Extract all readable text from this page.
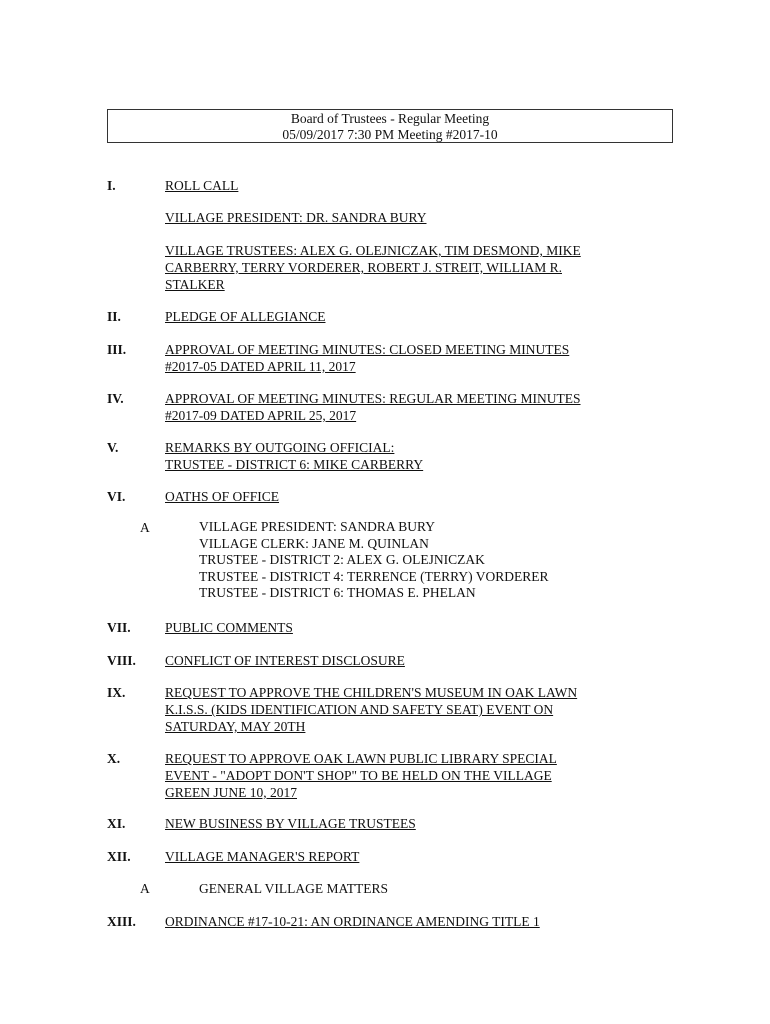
Board of Trustees - Regular Meeting
05/09/2017 7:30 PM Meeting #2017-10
I.	ROLL CALL
VILLAGE PRESIDENT: DR. SANDRA BURY
VILLAGE TRUSTEES: ALEX G. OLEJNICZAK, TIM DESMOND, MIKE
CARBERRY, TERRY VORDERER, ROBERT J. STREIT, WILLIAM R.
STALKER
II.	PLEDGE OF ALLEGIANCE
III.	APPROVAL OF MEETING MINUTES: CLOSED MEETING MINUTES
#2017-05 DATED APRIL 11, 2017
IV.	APPROVAL OF MEETING MINUTES: REGULAR MEETING MINUTES
#2017-09 DATED APRIL 25, 2017
V.	REMARKS BY OUTGOING OFFICIAL:
TRUSTEE - DISTRICT 6: MIKE CARBERRY
VI.	OATHS OF OFFICE
A	VILLAGE PRESIDENT: SANDRA BURY
VILLAGE CLERK: JANE M. QUINLAN
TRUSTEE - DISTRICT 2: ALEX G. OLEJNICZAK
TRUSTEE - DISTRICT 4: TERRENCE (TERRY) VORDERER
TRUSTEE - DISTRICT 6: THOMAS E. PHELAN
VII.	PUBLIC COMMENTS
VIII. CONFLICT OF INTEREST DISCLOSURE
IX.	REQUEST TO APPROVE THE CHILDREN'S MUSEUM IN OAK LAWN
K.I.S.S. (KIDS IDENTIFICATION AND SAFETY SEAT) EVENT ON
SATURDAY, MAY 20TH
X.	REQUEST TO APPROVE OAK LAWN PUBLIC LIBRARY SPECIAL
EVENT - "ADOPT DON'T SHOP" TO BE HELD ON THE VILLAGE
GREEN JUNE 10, 2017
XI.	NEW BUSINESS BY VILLAGE TRUSTEES
XII.	VILLAGE MANAGER'S REPORT
A	GENERAL VILLAGE MATTERS
XIII. ORDINANCE #17-10-21: AN ORDINANCE AMENDING TITLE 1
